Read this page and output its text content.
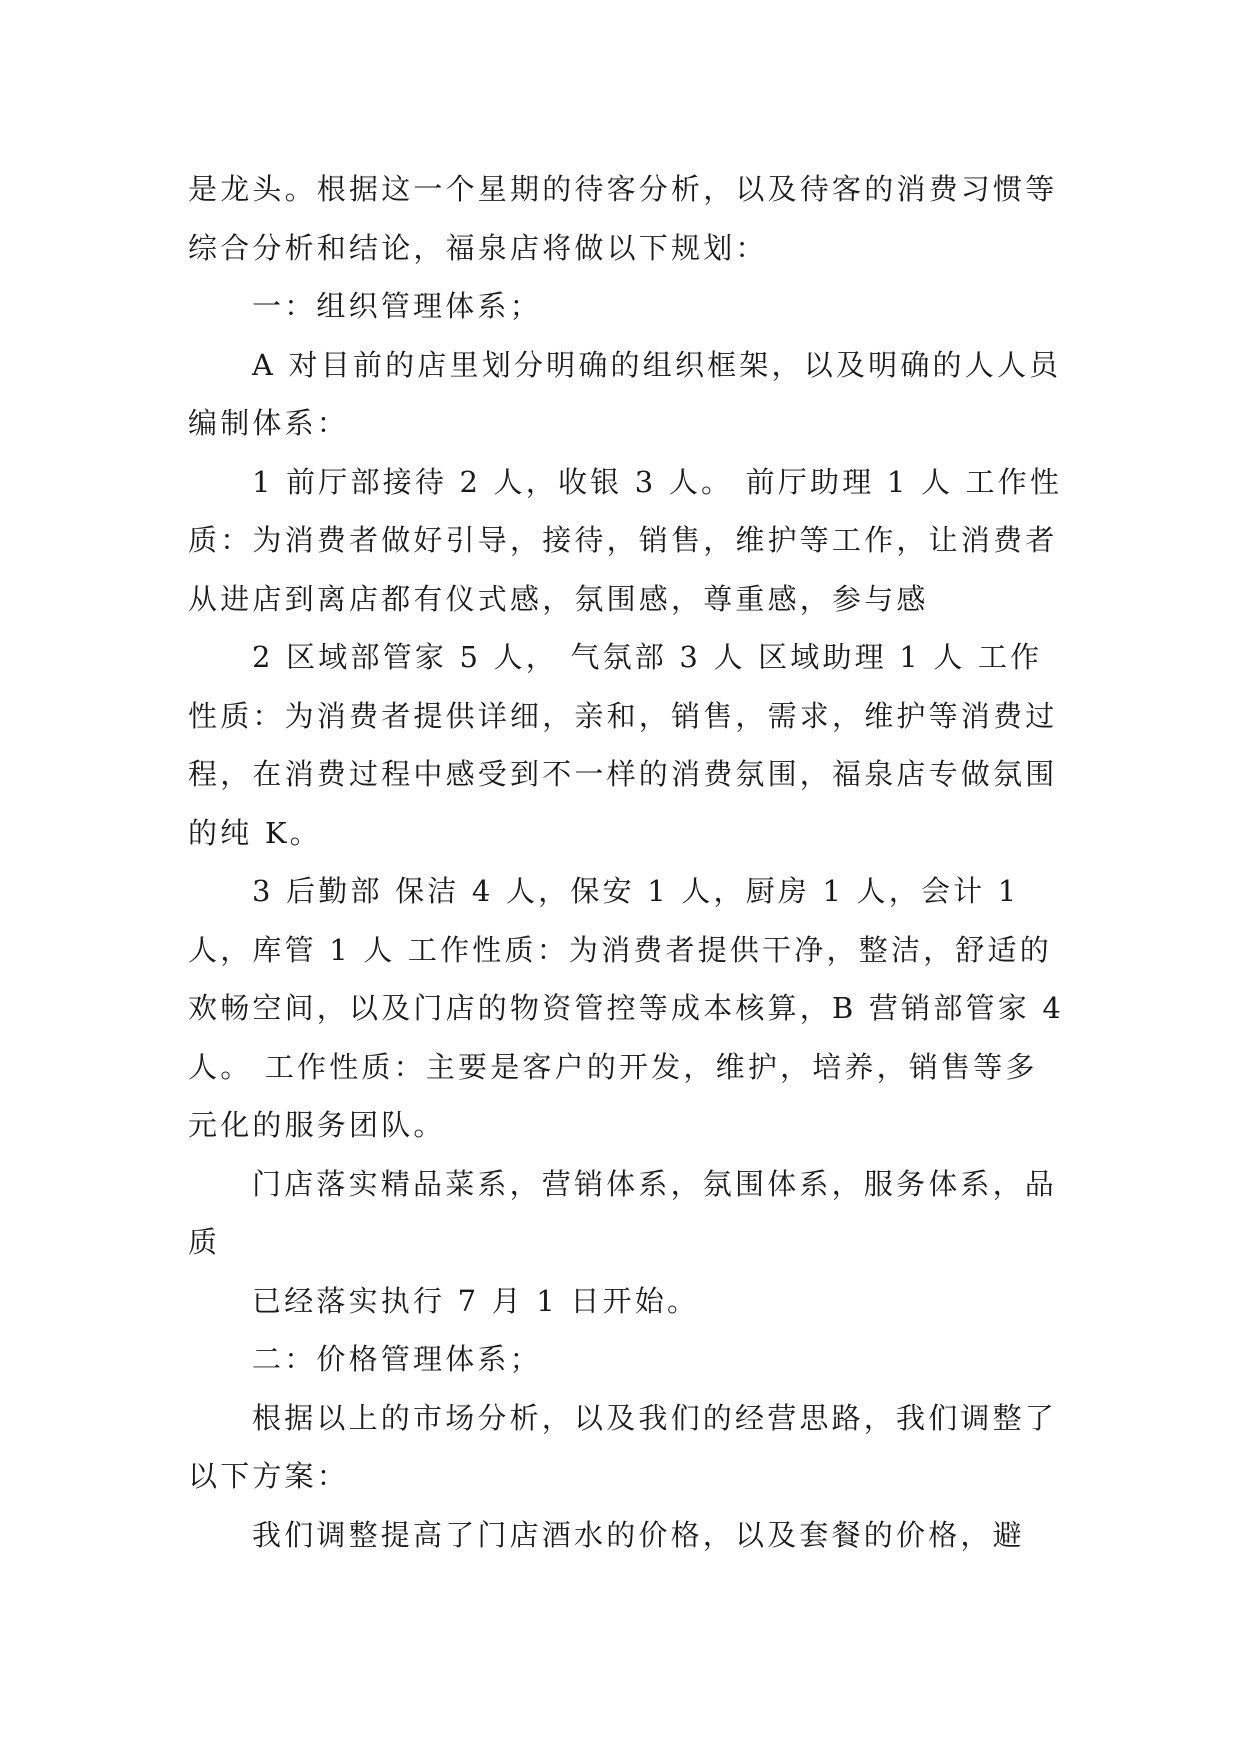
是龙头。根据这一个星期的待客分析，以及待客的消费习惯等综合分析和结论，福泉店将做以下规划：

一：组织管理体系；

A 对目前的店里划分明确的组织框架，以及明确的人人员编制体系：

1 前厅部接待 2 人，收银 3 人。 前厅助理 1 人 工作性质：为消费者做好引导，接待，销售，维护等工作，让消费者从进店到离店都有仪式感，氛围感，尊重感，参与感

2 区域部管家 5 人， 气氛部 3 人 区域助理 1 人 工作性质：为消费者提供详细，亲和，销售，需求，维护等消费过程，在消费过程中感受到不一样的消费氛围，福泉店专做氛围的纯 K。

3 后勤部 保洁 4 人，保安 1 人，厨房 1 人，会计 1 人，库管 1 人 工作性质：为消费者提供干净，整洁，舒适的欢畅空间，以及门店的物资管控等成本核算，B 营销部管家 4 人。 工作性质：主要是客户的开发，维护，培养，销售等多元化的服务团队。

门店落实精品菜系，营销体系，氛围体系，服务体系，品质

已经落实执行 7 月 1 日开始。

二：价格管理体系；

根据以上的市场分析，以及我们的经营思路，我们调整了以下方案：

我们调整提高了门店酒水的价格，以及套餐的价格，避
